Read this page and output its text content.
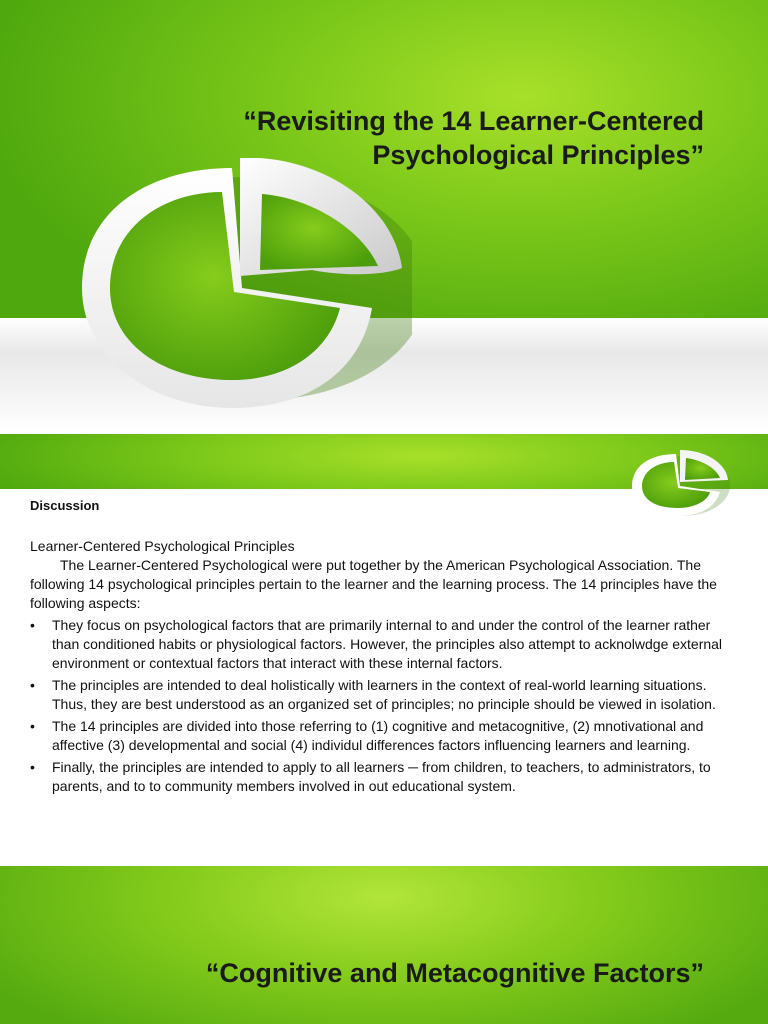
“Revisiting the 14 Learner-Centered
Psychological Principles”
Discussion
Learner-Centered Psychological Principles
The Learner-Centered Psychological were put together by the American Psychological Association. The following 14 psychological principles pertain to the learner and the learning process. The 14 principles have the following aspects:
• They focus on psychological factors that are primarily internal to and under the control of the learner rather than conditioned habits or physiological factors. However, the principles also attempt to acknolwdge external environment or contextual factors that interact with these internal factors.
• The principles are intended to deal holistically with learners in the context of real-world learning situations. Thus, they are best understood as an organized set of principles; no principle should be viewed in isolation.
• The 14 principles are divided into those referring to (1) cognitive and metacognitive, (2) mnotivational and affective (3) developmental and social (4) individul differences factors influencing learners and learning.
• Finally, the principles are intended to apply to all learners ─ from children, to teachers, to administrators, to parents, and to to community members involved in out educational system.
“Cognitive and Metacognitive Factors”
